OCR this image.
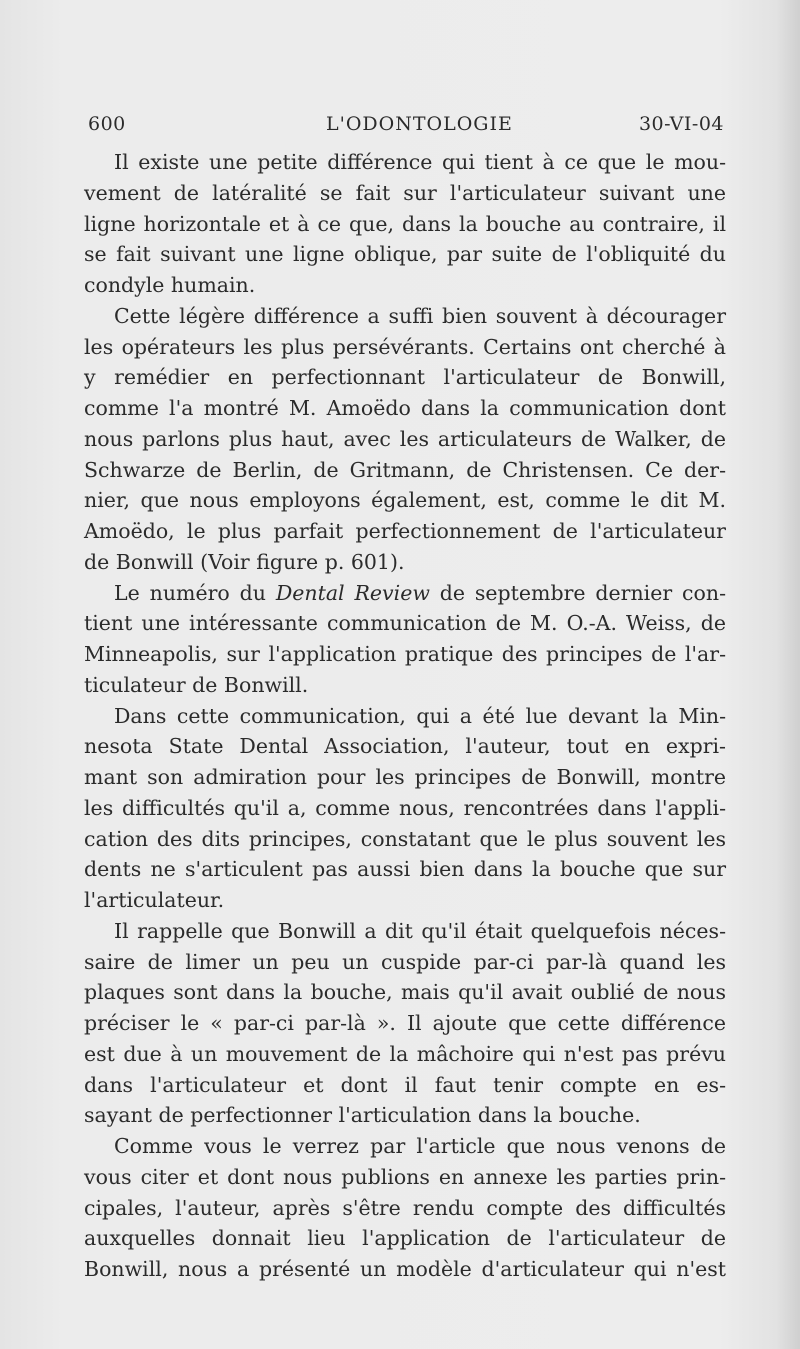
600	L'ODONTOLOGIE	30-VI-04
Il existe une petite différence qui tient à ce que le mou-
vement de latéralité se fait sur l'articulateur suivant une
ligne horizontale et à ce que, dans la bouche au contraire, il
se fait suivant une ligne oblique, par suite de l'obliquité du
condyle humain.
Cette légère différence a suffi bien souvent à décourager
les opérateurs les plus persévérants. Certains ont cherché à
y remédier en perfectionnant l'articulateur de Bonwill,
comme l'a montré M. Amoëdo dans la communication dont
nous parlons plus haut, avec les articulateurs de Walker, de
Schwarze de Berlin, de Gritmann, de Christensen. Ce der-
nier, que nous employons également, est, comme le dit M.
Amoëdo, le plus parfait perfectionnement de l'articulateur
de Bonwill (Voir figure p. 601).
Le numéro du Dental Review de septembre dernier con-
tient une intéressante communication de M. O.-A. Weiss, de
Minneapolis, sur l'application pratique des principes de l'ar-
ticulateur de Bonwill.
Dans cette communication, qui a été lue devant la Min-
nesota State Dental Association, l'auteur, tout en expri-
mant son admiration pour les principes de Bonwill, montre
les difficultés qu'il a, comme nous, rencontrées dans l'appli-
cation des dits principes, constatant que le plus souvent les
dents ne s'articulent pas aussi bien dans la bouche que sur
l'articulateur.
Il rappelle que Bonwill a dit qu'il était quelquefois néces-
saire de limer un peu un cuspide par-ci par-là quand les
plaques sont dans la bouche, mais qu'il avait oublié de nous
préciser le « par-ci par-là ». Il ajoute que cette différence
est due à un mouvement de la mâchoire qui n'est pas prévu
dans l'articulateur et dont il faut tenir compte en es-
sayant de perfectionner l'articulation dans la bouche.
Comme vous le verrez par l'article que nous venons de
vous citer et dont nous publions en annexe les parties prin-
cipales, l'auteur, après s'être rendu compte des difficultés
auxquelles donnait lieu l'application de l'articulateur de
Bonwill, nous a présenté un modèle d'articulateur qui n'est
